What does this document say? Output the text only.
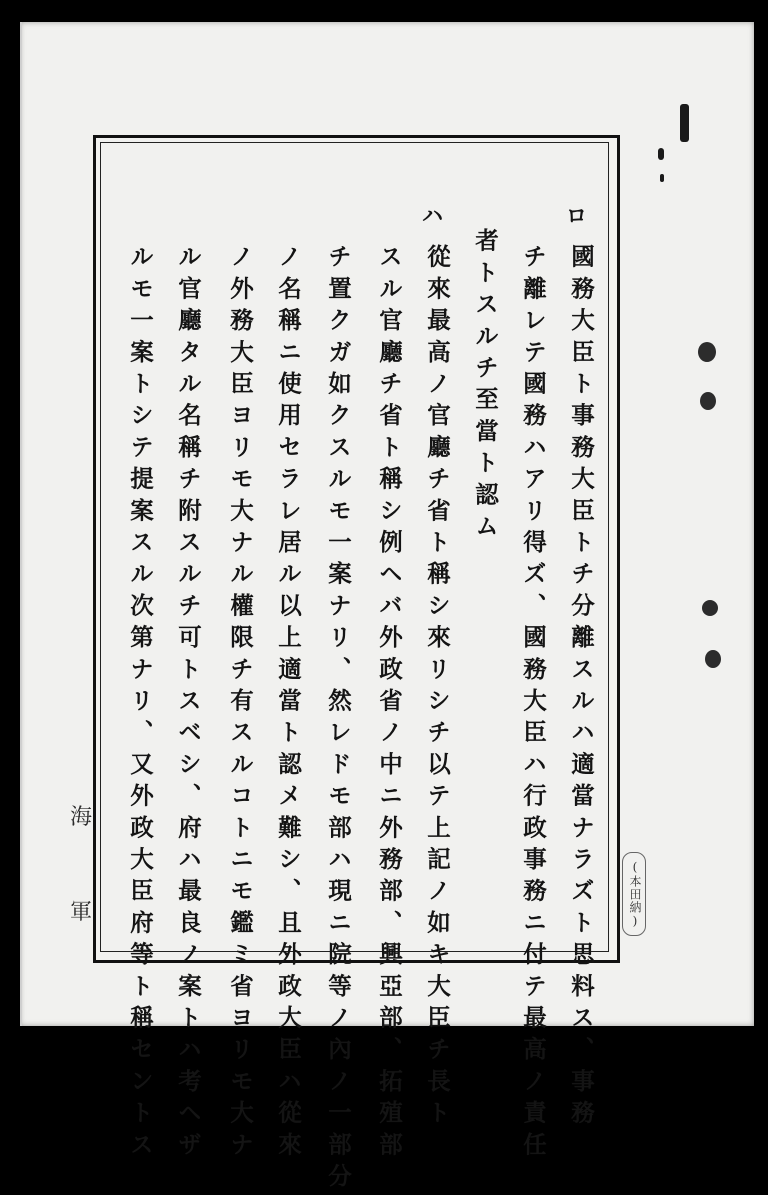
ロ
ハ
國務大臣ト事務大臣トチ分離スルハ適當ナラズト思料ス、事務
チ離レテ國務ハアリ得ズ、國務大臣ハ行政事務ニ付テ最高ノ責任
者トスルチ至當ト認ム
從來最高ノ官廳チ省ト稱シ來リシチ以テ上記ノ如キ大臣チ長ト
スル官廳チ省ト稱シ例ヘバ外政省ノ中ニ外務部、興亞部、拓殖部
チ置クガ如クスルモ一案ナリ、然レドモ部ハ現ニ院等ノ內ノ一部分
ノ名稱ニ使用セラレ居ル以上適當ト認メ難シ、且外政大臣ハ從來
ノ外務大臣ヨリモ大ナル權限チ有スルコトニモ鑑ミ省ヨリモ大ナ
ル官廳タル名稱チ附スルチ可トスベシ、府ハ最良ノ案トハ考ヘザ
ルモ一案トシテ提案スル次第ナリ、又外政大臣府等ト稱セントス
海
軍	(本田納)
